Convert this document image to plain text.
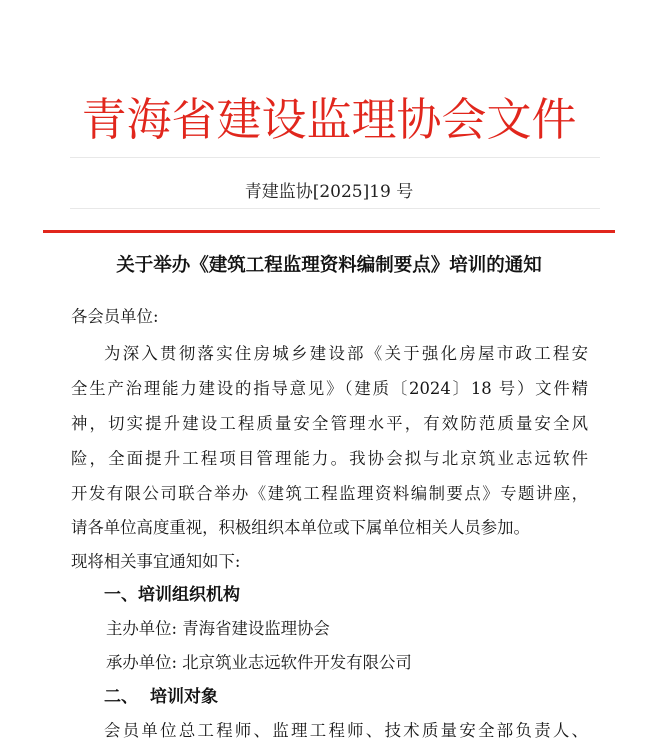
青海省建设监理协会文件
青建监协[2025]19 号
关于举办《建筑工程监理资料编制要点》培训的通知
各会员单位:
为深入贯彻落实住房城乡建设部《关于强化房屋市政工程安
全生产治理能力建设的指导意见》（建质〔2024〕18 号）文件精
神，切实提升建设工程质量安全管理水平，有效防范质量安全风
险，全面提升工程项目管理能力。我协会拟与北京筑业志远软件
开发有限公司联合举办《建筑工程监理资料编制要点》专题讲座，
请各单位高度重视，积极组织本单位或下属单位相关人员参加。
现将相关事宜通知如下:
一、培训组织机构
主办单位: 青海省建设监理协会
承办单位: 北京筑业志远软件开发有限公司
二、 培训对象
会员单位总工程师、监理工程师、技术质量安全部负责人、
